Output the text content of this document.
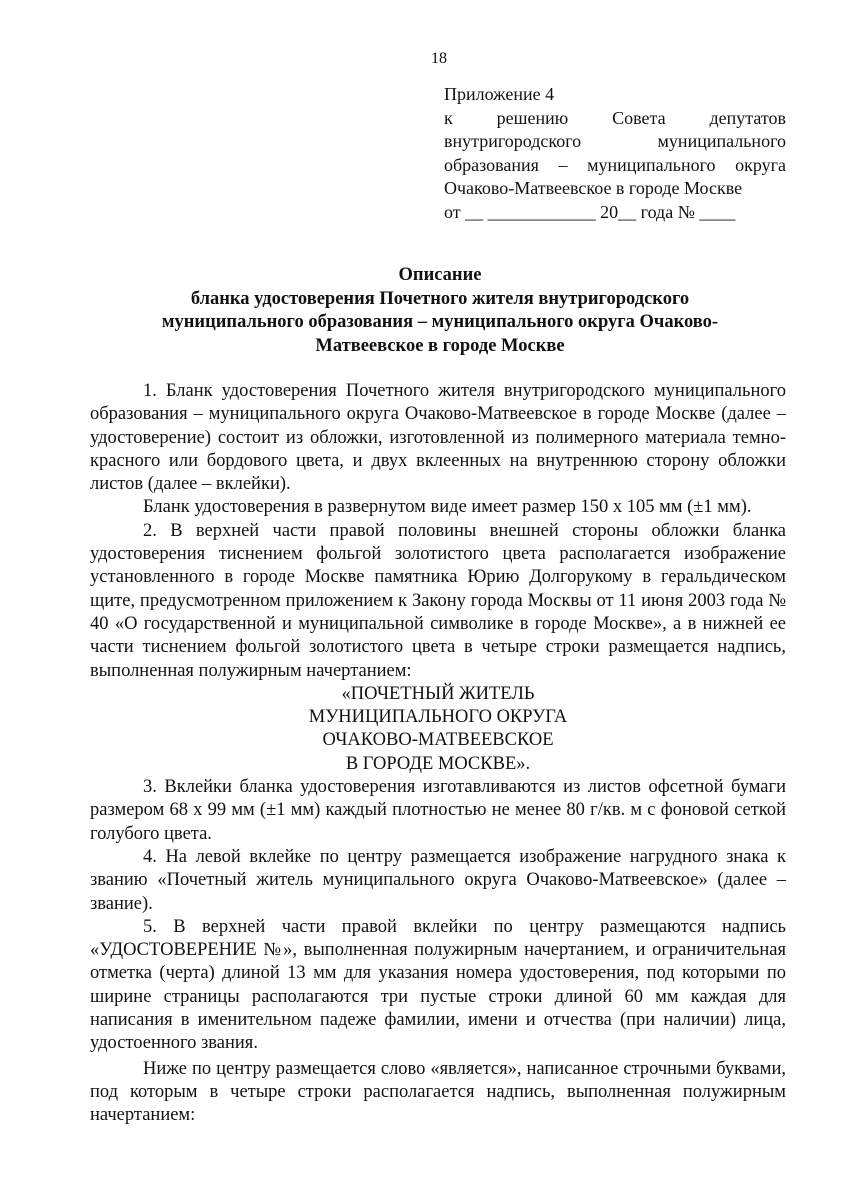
18
Приложение 4
к решению Совета депутатов
внутригородского муниципального
образования – муниципального округа
Очаково-Матвеевское в городе Москве
от __ ____________ 20__ года № ____
Описание
бланка удостоверения Почетного жителя внутригородского
муниципального образования – муниципального округа Очаково-
Матвеевское в городе Москве

1. Бланк удостоверения Почетного жителя внутригородского муниципального образования – муниципального округа Очаково-Матвеевское в городе Москве (далее – удостоверение) состоит из обложки, изготовленной из полимерного материала темно-красного или бордового цвета, и двух вклеенных на внутреннюю сторону обложки листов (далее – вклейки).

Бланк удостоверения в развернутом виде имеет размер 150 х 105 мм (±1 мм).

2. В верхней части правой половины внешней стороны обложки бланка удостоверения тиснением фольгой золотистого цвета располагается изображение установленного в городе Москве памятника Юрию Долгорукому в геральдическом щите, предусмотренном приложением к Закону города Москвы от 11 июня 2003 года № 40 «О государственной и муниципальной символике в городе Москве», а в нижней ее части тиснением фольгой золотистого цвета в четыре строки размещается надпись, выполненная полужирным начертанием:

«ПОЧЕТНЫЙ ЖИТЕЛЬ
МУНИЦИПАЛЬНОГО ОКРУГА
ОЧАКОВО-МАТВЕЕВСКОЕ
В ГОРОДЕ МОСКВЕ».

3. Вклейки бланка удостоверения изготавливаются из листов офсетной бумаги размером 68 х 99 мм (±1 мм) каждый плотностью не менее 80 г/кв. м с фоновой сеткой голубого цвета.

4. На левой вклейке по центру размещается изображение нагрудного знака к званию «Почетный житель муниципального округа Очаково-Матвеевское» (далее – звание).

5. В верхней части правой вклейки по центру размещаются надпись «УДОСТОВЕРЕНИЕ №», выполненная полужирным начертанием, и ограничительная отметка (черта) длиной 13 мм для указания номера удостоверения, под которыми по ширине страницы располагаются три пустые строки длиной 60 мм каждая для написания в именительном падеже фамилии, имени и отчества (при наличии) лица, удостоенного звания.

Ниже по центру размещается слово «является», написанное строчными буквами, под которым в четыре строки располагается надпись, выполненная полужирным начертанием:
